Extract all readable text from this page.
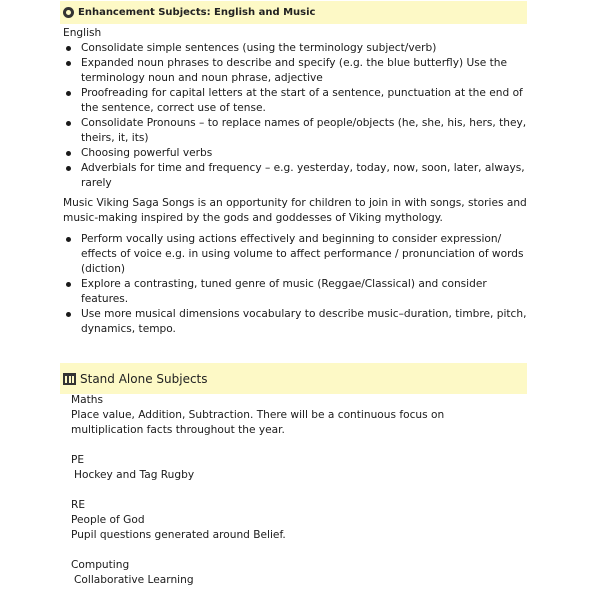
Enhancement Subjects: English and Music

English

Consolidate simple sentences (using the terminology subject/verb)
Expanded noun phrases to describe and specify (e.g. the blue butterfly) Use the terminology noun and noun phrase, adjective
Proofreading for capital letters at the start of a sentence, punctuation at the end of the sentence, correct use of tense.
Consolidate Pronouns – to replace names of people/objects (he, she, his, hers, they, theirs, it, its)
Choosing powerful verbs
Adverbials for time and frequency – e.g. yesterday, today, now, soon, later, always, rarely

Music Viking Saga Songs is an opportunity for children to join in with songs, stories and music-making inspired by the gods and goddesses of Viking mythology.

Perform vocally using actions effectively and beginning to consider expression/ effects of voice e.g. in using volume to affect performance / pronunciation of words (diction)
Explore a contrasting, tuned genre of music (Reggae/Classical) and consider features.
Use more musical dimensions vocabulary to describe music–duration, timbre, pitch, dynamics, tempo.
Stand Alone Subjects

Maths

Place value, Addition, Subtraction. There will be a continuous focus on multiplication facts throughout the year.

PE

Hockey and Tag Rugby

RE

People of God

Pupil questions generated around Belief.

Computing

Collaborative Learning
